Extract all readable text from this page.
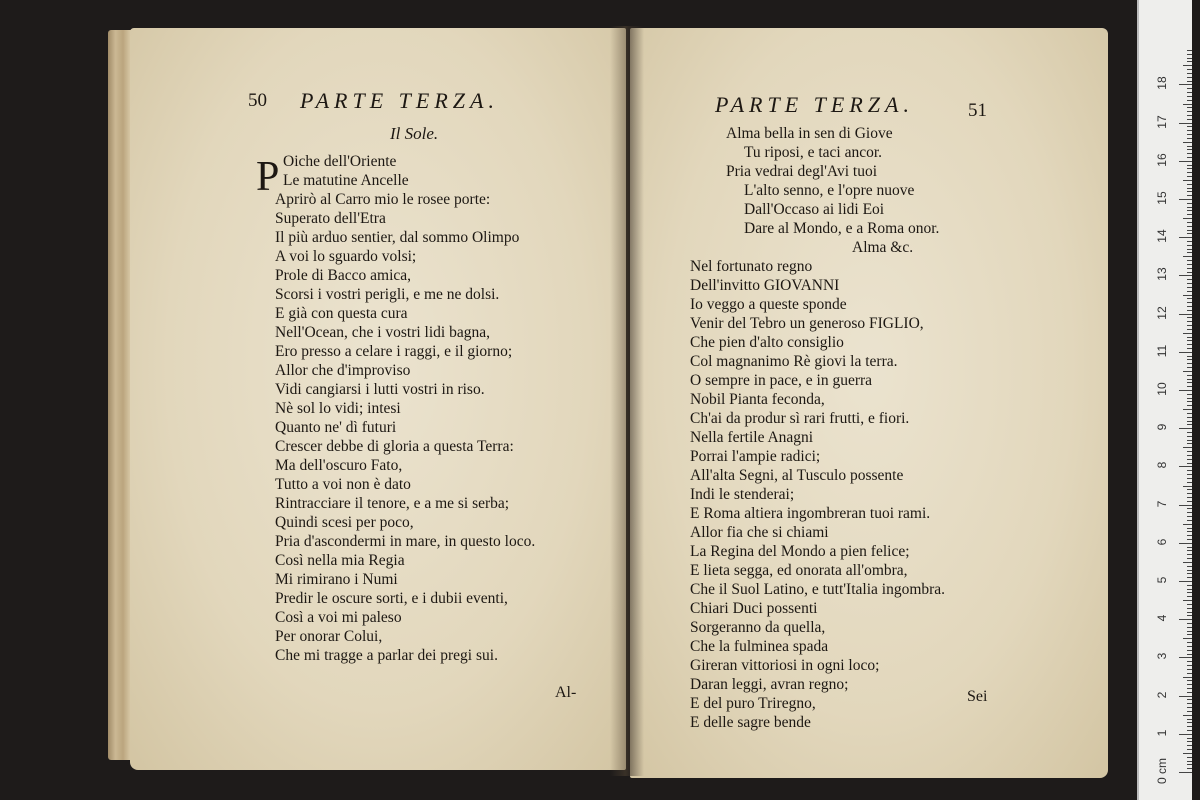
50 PARTE TERZA.
Il Sole.
P Oiche dell'Oriente
Le matutine Ancelle
Aprirò al Carro mio le rosee porte:
Superato dell'Etra
Il più arduo sentier, dal sommo Olimpo
A voi lo sguardo volsi;
Prole di Bacco amica,
Scorsi i vostri perigli, e me ne dolsi.
E già con questa cura
Nell'Ocean, che i vostri lidi bagna,
Ero presso a celare i raggi, e il giorno;
Allor che d'improviso
Vidi cangiarsi i lutti vostri in riso.
Nè sol lo vidi; intesi
Quanto ne' dì futuri
Crescer debbe di gloria a questa Terra:
Ma dell'oscuro Fato,
Tutto a voi non è dato
Rintracciare il tenore, e a me si serba;
Quindi scesi per poco,
Pria d'ascondermi in mare, in questo loco.
Così nella mia Regia
Mi rimirano i Numi
Predir le oscure sorti, e i dubii eventi,
Così a voi mi paleso
Per onorar Colui,
Che mi tragge a parlar dei pregi sui.
Al-
PARTE TERZA.	51
Alma bella in sen di Giove
Tu riposi, e taci ancor.
Pria vedrai degl'Avi tuoi
L'alto senno, e l'opre nuove
Dall'Occaso ai lidi Eoi
Dare al Mondo, e a Roma onor.
Alma &c.
Nel fortunato regno
Dell'invitto GIOVANNI
Io veggo a queste sponde
Venir del Tebro un generoso FIGLIO,
Che pien d'alto consiglio
Col magnanimo Rè giovi la terra.
O sempre in pace, e in guerra
Nobil Pianta feconda,
Ch'ai da produr sì rari frutti, e fiori.
Nella fertile Anagni
Porrai l'ampie radici;
All'alta Segni, al Tusculo possente
Indi le stenderai;
E Roma altiera ingombreran tuoi rami.
Allor fia che si chiami
La Regina del Mondo a pien felice;
E lieta segga, ed onorata all'ombra,
Che il Suol Latino, e tutt'Italia ingombra.
Chiari Duci possenti
Sorgeranno da quella,
Che la fulminea spada
Gireran vittoriosi in ogni loco;
Daran leggi, avran regno;
E del puro Triregno,
E delle sagre bende
Sei
0 cm
1
2
3
4
5
6
7
8
9
10
11
12
13
14
15
16
17
18
